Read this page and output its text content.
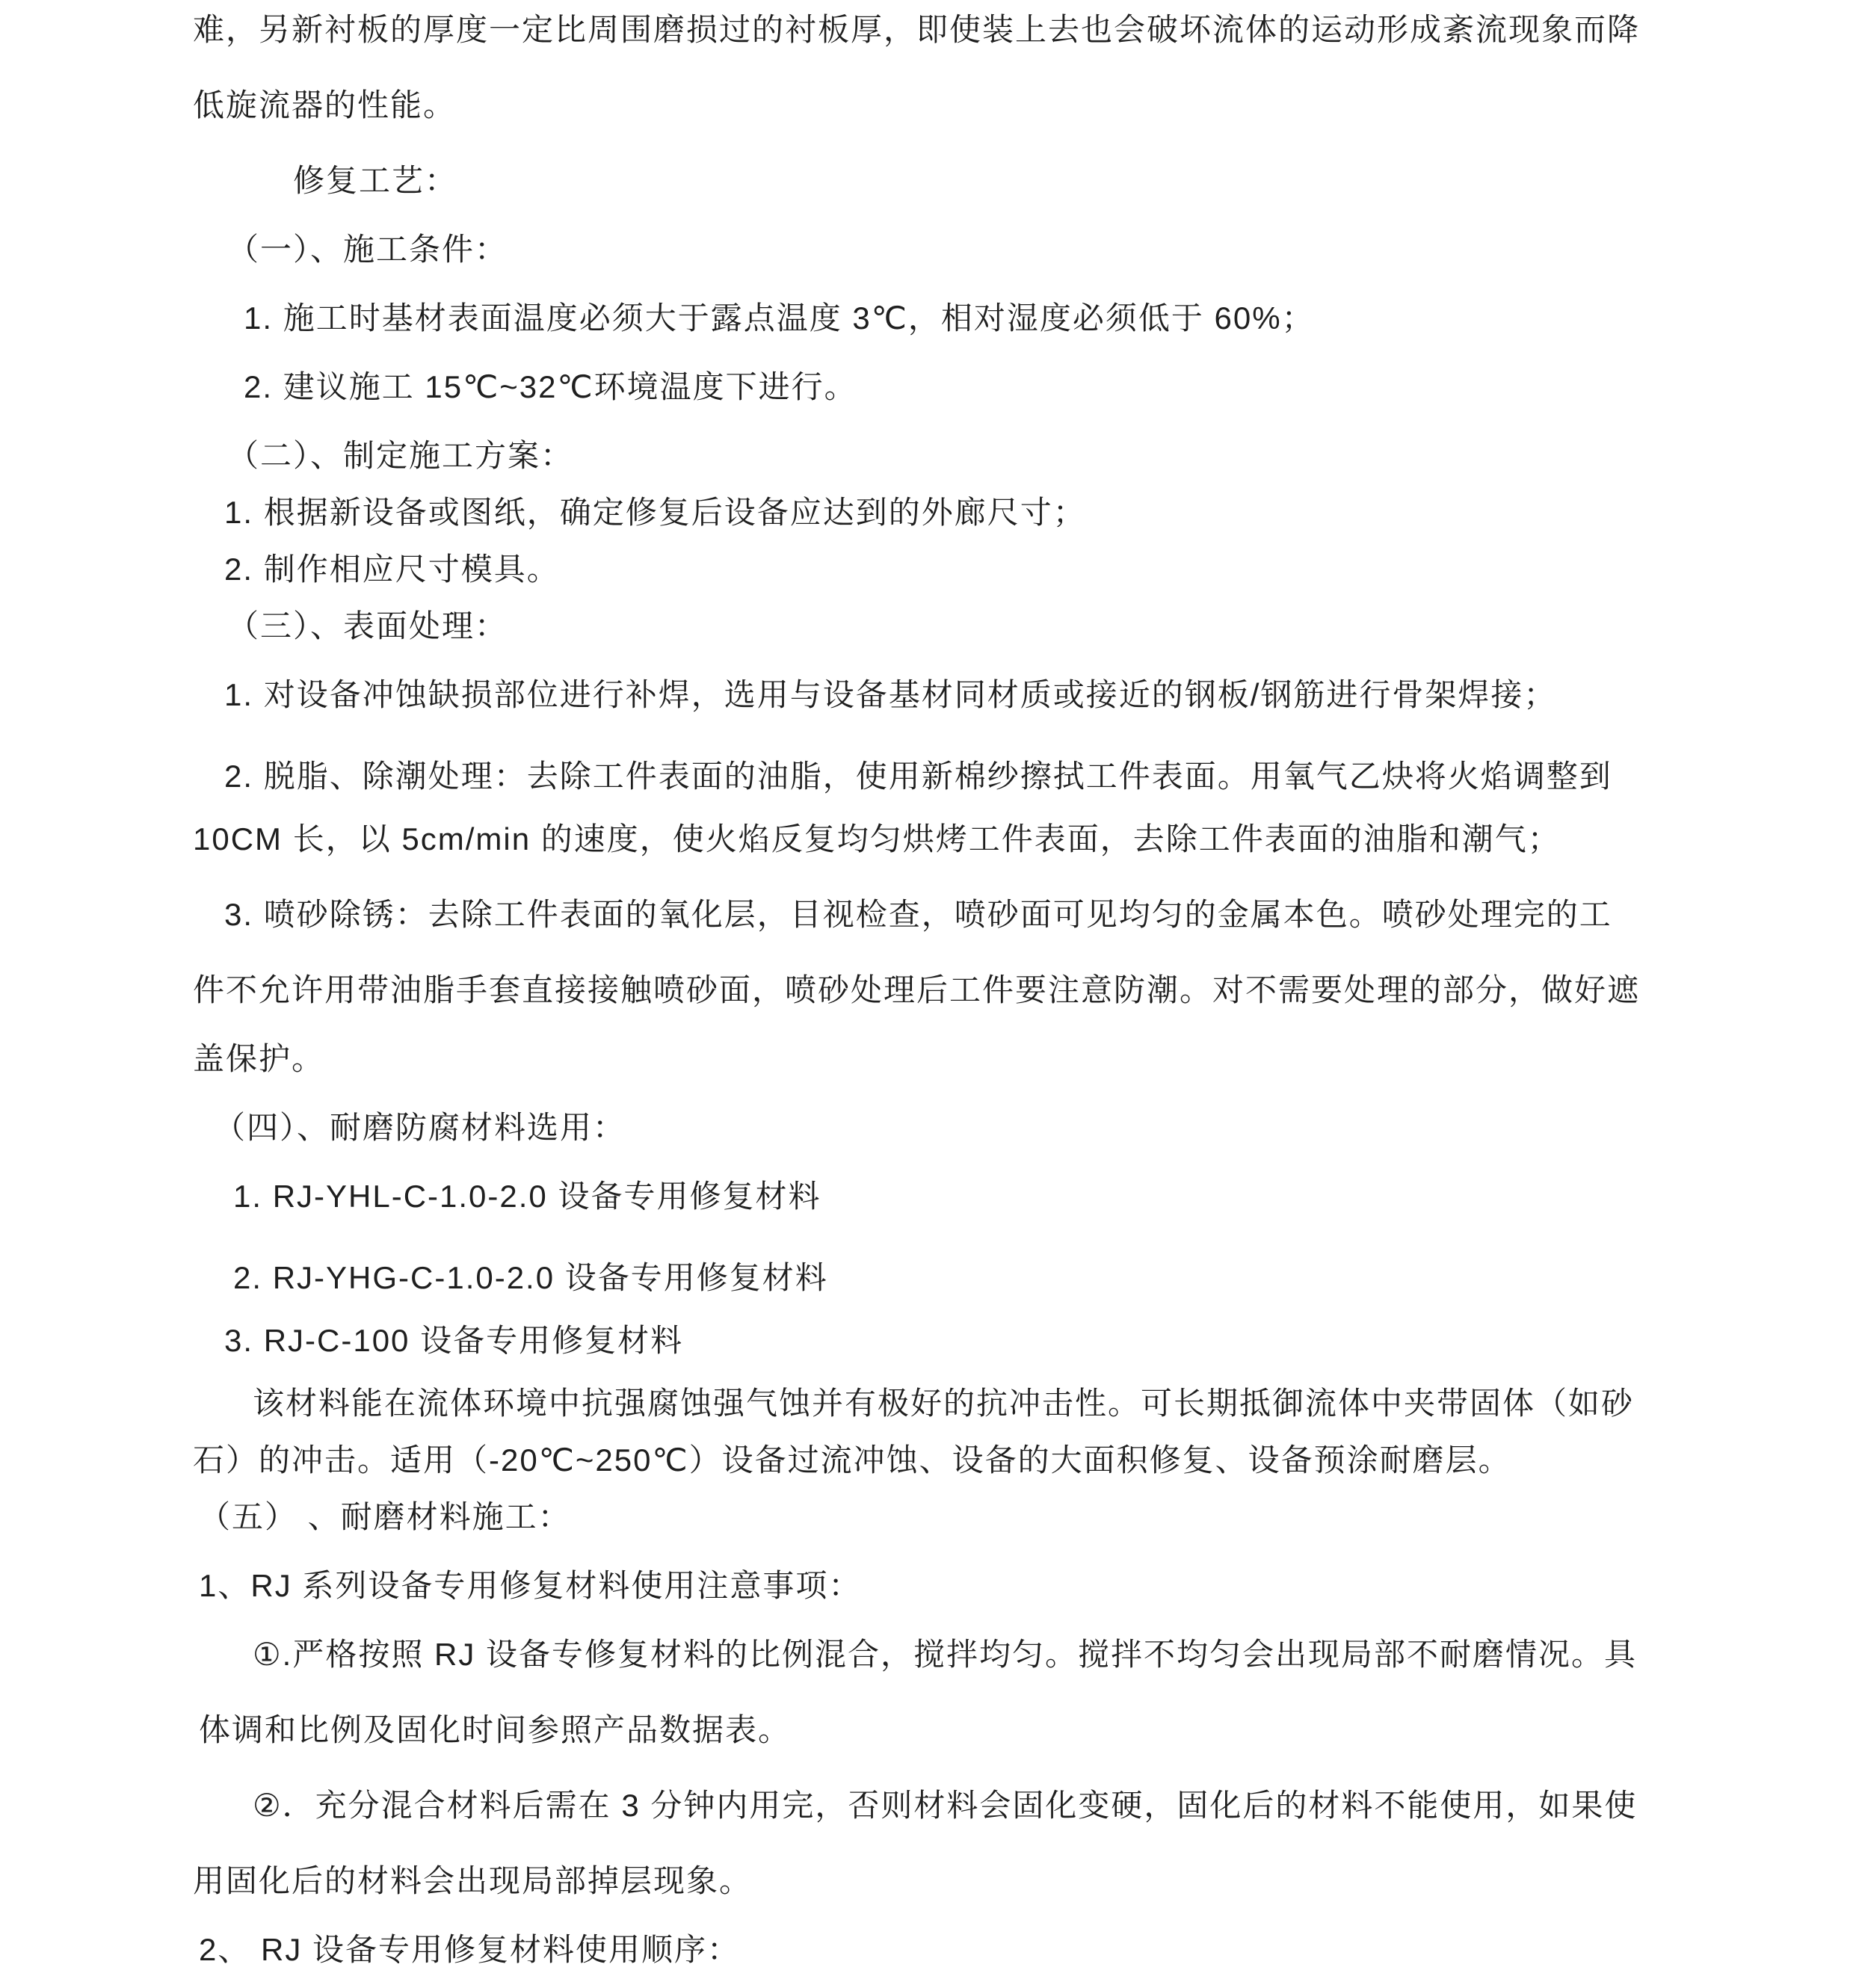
难，另新衬板的厚度一定比周围磨损过的衬板厚，即使装上去也会破坏流体的运动形成紊流现象而降
低旋流器的性能。
修复工艺：
（一）、施工条件：
1. 施工时基材表面温度必须大于露点温度 3℃，相对湿度必须低于 60%；
2. 建议施工 15℃~32℃环境温度下进行。
（二）、制定施工方案：
1. 根据新设备或图纸，确定修复后设备应达到的外廊尺寸；
2. 制作相应尺寸模具。
（三）、表面处理：
1. 对设备冲蚀缺损部位进行补焊，选用与设备基材同材质或接近的钢板/钢筋进行骨架焊接；
2. 脱脂、除潮处理：去除工件表面的油脂，使用新棉纱擦拭工件表面。用氧气乙炔将火焰调整到
10CM 长，以 5cm/min 的速度，使火焰反复均匀烘烤工件表面，去除工件表面的油脂和潮气；
3. 喷砂除锈：去除工件表面的氧化层，目视检查，喷砂面可见均匀的金属本色。喷砂处理完的工
件不允许用带油脂手套直接接触喷砂面，喷砂处理后工件要注意防潮。对不需要处理的部分，做好遮
盖保护。
（四）、耐磨防腐材料选用：
1. RJ-YHL-C-1.0-2.0 设备专用修复材料
2. RJ-YHG-C-1.0-2.0 设备专用修复材料
3. RJ-C-100 设备专用修复材料
该材料能在流体环境中抗强腐蚀强气蚀并有极好的抗冲击性。可长期抵御流体中夹带固体（如砂
石）的冲击。适用（-20℃~250℃）设备过流冲蚀、设备的大面积修复、设备预涂耐磨层。
（五） 、耐磨材料施工：
1、RJ 系列设备专用修复材料使用注意事项：
①.严格按照 RJ 设备专修复材料的比例混合，搅拌均匀。搅拌不均匀会出现局部不耐磨情况。具
体调和比例及固化时间参照产品数据表。
②．充分混合材料后需在 3 分钟内用完，否则材料会固化变硬，固化后的材料不能使用，如果使
用固化后的材料会出现局部掉层现象。
2、 RJ 设备专用修复材料使用顺序：
